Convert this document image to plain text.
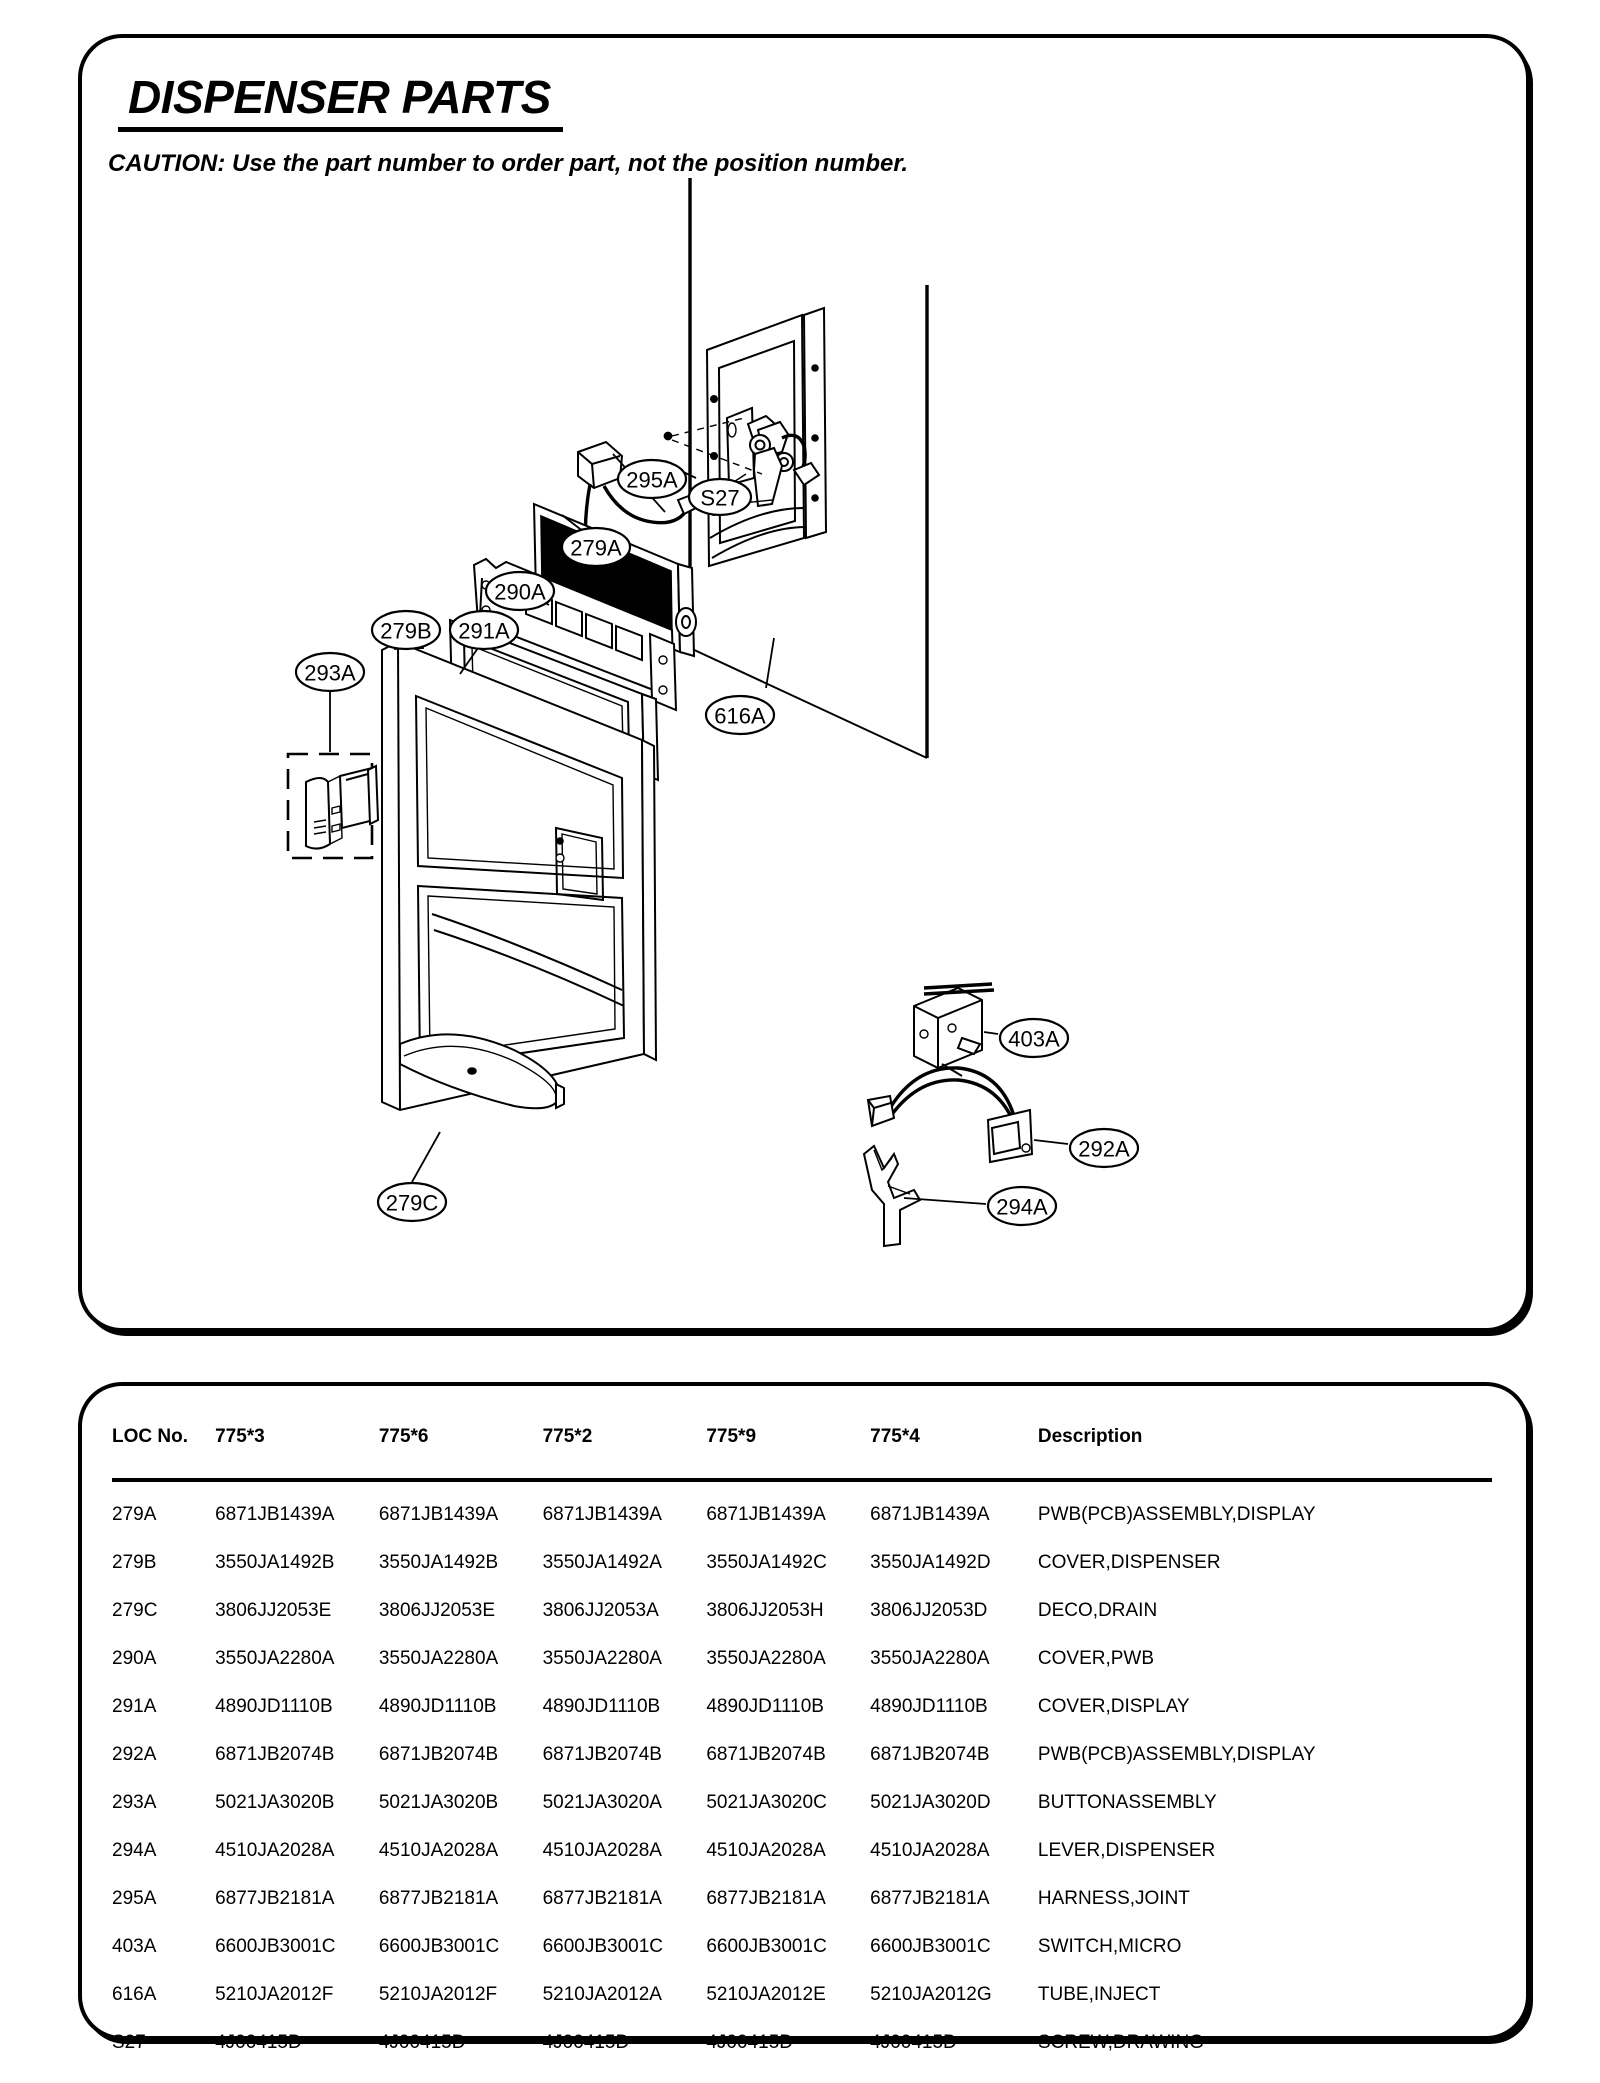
DISPENSER PARTS
CAUTION: Use the part number to order part, not the position number.
295A
S27
616A
279A
290A
279B 291A
293A
403A
292A
294A
279C
LOC No.	775*3	775*6	775*2	775*9	775*4	Description
279A	6871JB1439A	6871JB1439A	6871JB1439A	6871JB1439A	6871JB1439A	PWB(PCB)ASSEMBLY,DISPLAY
279B	3550JA1492B	3550JA1492B	3550JA1492A	3550JA1492C	3550JA1492D	COVER,DISPENSER
279C	3806JJ2053E	3806JJ2053E	3806JJ2053A	3806JJ2053H	3806JJ2053D	DECO,DRAIN
290A	3550JA2280A	3550JA2280A	3550JA2280A	3550JA2280A	3550JA2280A	COVER,PWB
291A	4890JD1110B	4890JD1110B	4890JD1110B	4890JD1110B	4890JD1110B	COVER,DISPLAY
292A	6871JB2074B	6871JB2074B	6871JB2074B	6871JB2074B	6871JB2074B	PWB(PCB)ASSEMBLY,DISPLAY
293A	5021JA3020B	5021JA3020B	5021JA3020A	5021JA3020C	5021JA3020D	BUTTONASSEMBLY
294A	4510JA2028A	4510JA2028A	4510JA2028A	4510JA2028A	4510JA2028A	LEVER,DISPENSER
295A	6877JB2181A	6877JB2181A	6877JB2181A	6877JB2181A	6877JB2181A	HARNESS,JOINT
403A	6600JB3001C	6600JB3001C	6600JB3001C	6600JB3001C	6600JB3001C	SWITCH,MICRO
616A	5210JA2012F	5210JA2012F	5210JA2012A	5210JA2012E	5210JA2012G	TUBE,INJECT
S27	4J00415D	4J00415D	4J00415D	4J00415D	4J00415D	SCREW,DRAWING
